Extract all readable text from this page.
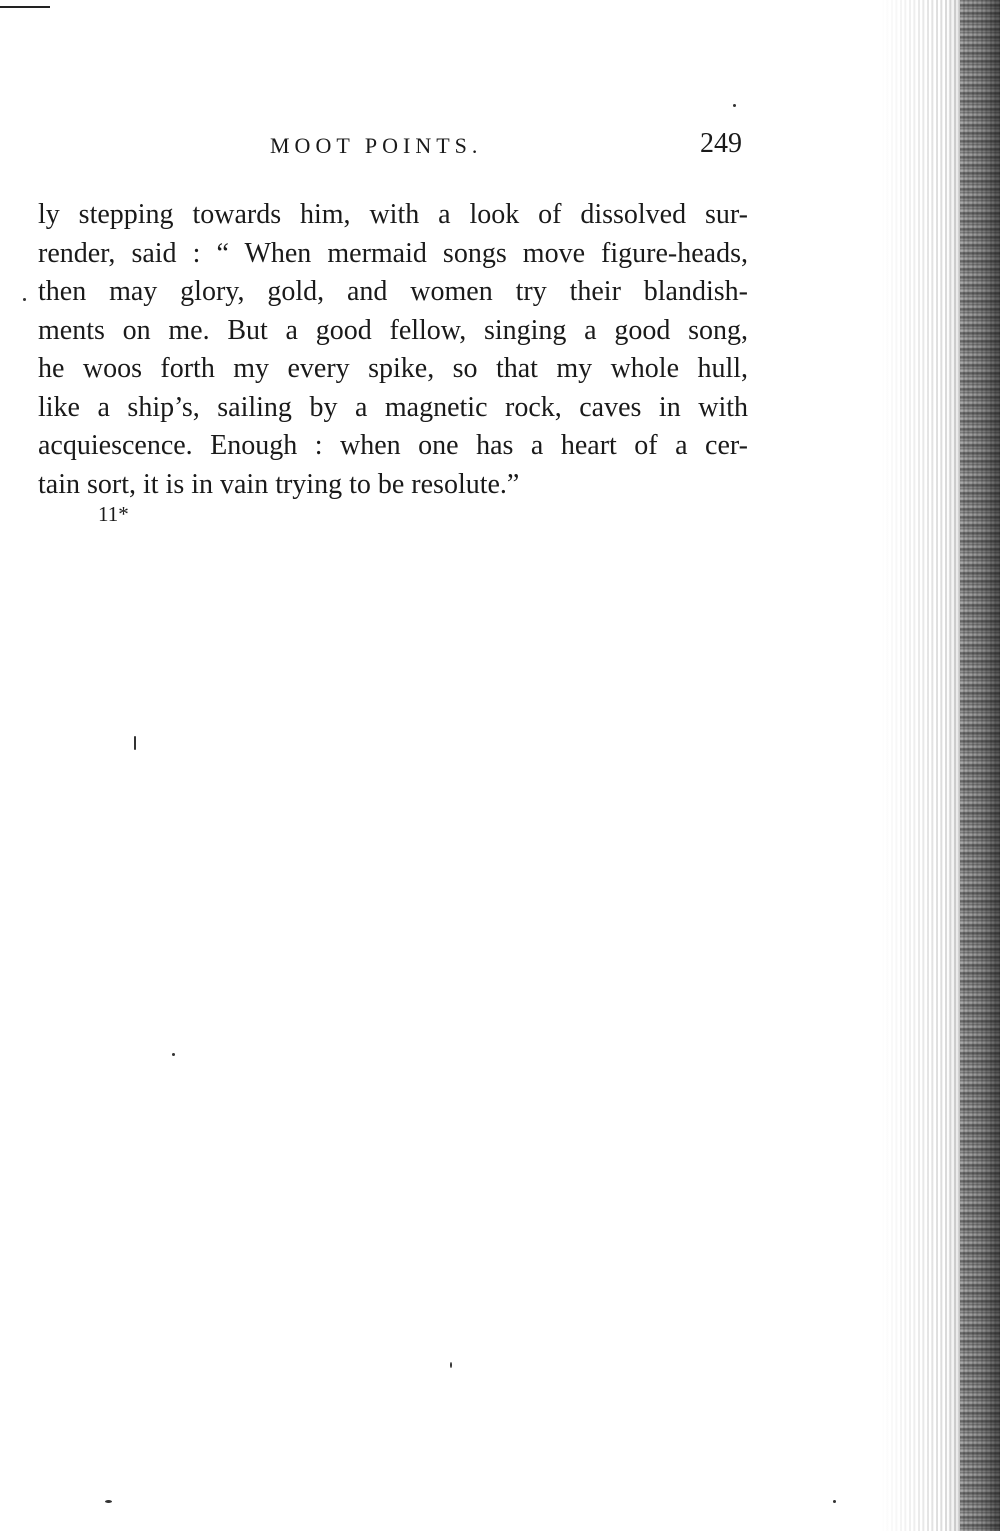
MOOT POINTS.	249
ly stepping towards him, with a look of dissolved sur-
render, said : “ When mermaid songs move figure-heads,
then may glory, gold, and women try their blandish-
ments on me. But a good fellow, singing a good song,
he woos forth my every spike, so that my whole hull,
like a ship’s, sailing by a magnetic rock, caves in with
acquiescence. Enough : when one has a heart of a cer-
tain sort, it is in vain trying to be resolute.”
11*
